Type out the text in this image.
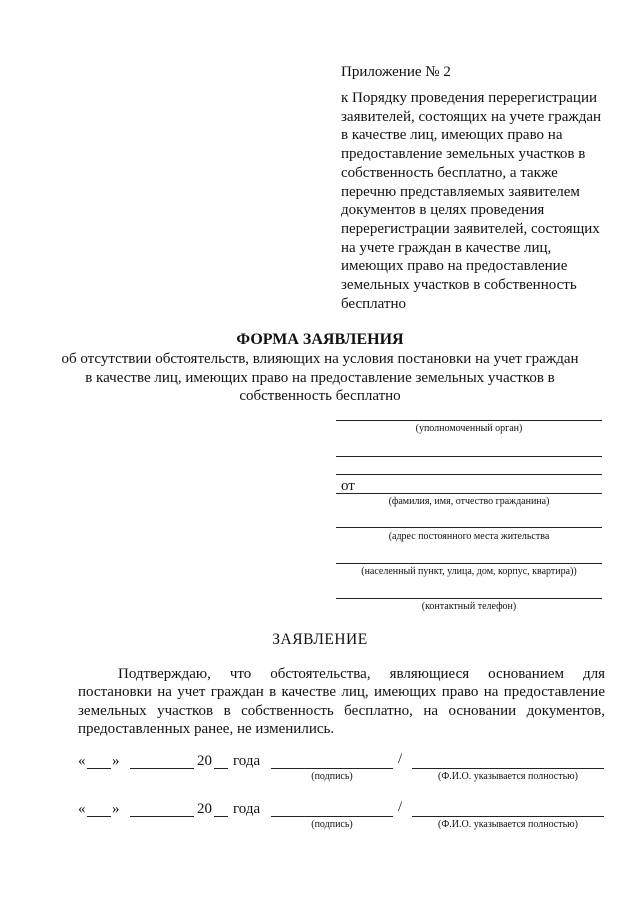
Приложение № 2
к Порядку проведения перерегистрации заявителей, состоящих на учете граждан в качестве лиц, имеющих право на предоставление земельных участков в собственность бесплатно, а также перечню представляемых заявителем документов в целях проведения перерегистрации заявителей, состоящих на учете граждан в качестве лиц, имеющих право на предоставление земельных участков в собственность бесплатно
ФОРМА ЗАЯВЛЕНИЯ
об отсутствии обстоятельств, влияющих на условия постановки на учет граждан в качестве лиц, имеющих право на предоставление земельных участков в собственность бесплатно
(уполномоченный орган)
от
(фамилия, имя, отчество гражданина)
(адрес постоянного места жительства
(населенный пункт, улица, дом, корпус, квартира))
(контактный телефон)
ЗАЯВЛЕНИЕ
Подтверждаю, что обстоятельства, являющиеся основанием для постановки на учет граждан в качестве лиц, имеющих право на предоставление земельных участков в собственность бесплатно, на основании документов, предоставленных ранее, не изменились.
« »	20 года	/
(подпись)	(Ф.И.О. указывается полностью)
« »	20 года	/
(подпись)	(Ф.И.О. указывается полностью)
